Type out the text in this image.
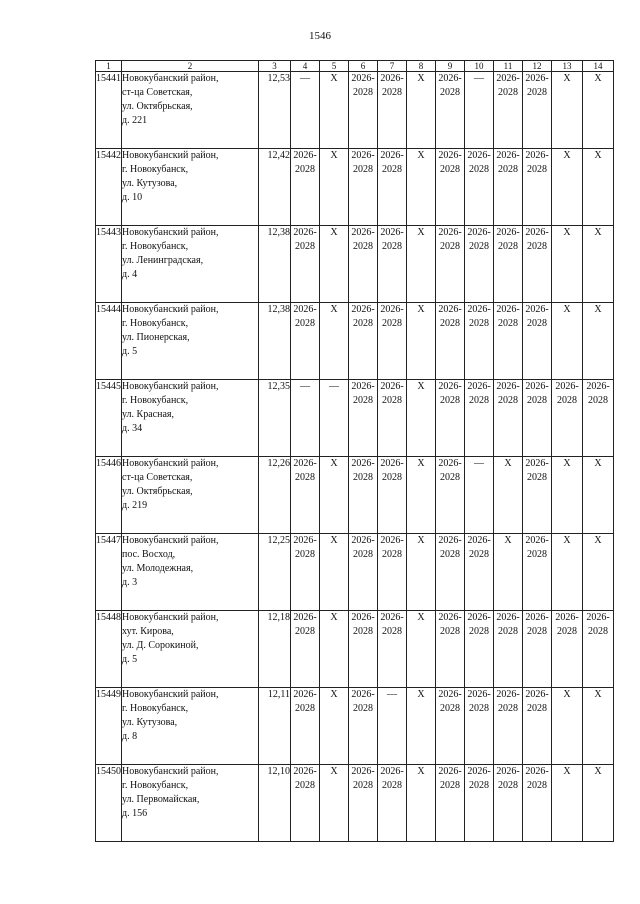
1546
1	2	3	4	5	6	7	8	9	10	11	12	13	14
15441	Новокубанский район,
ст-ца Советская,
ул. Октябрьская,
д. 221	12,53	—	X	2026-
2028	2026-
2028	X	2026-
2028	—	2026-
2028	2026-
2028	X	X

15442	Новокубанский район,
г. Новокубанск,
ул. Кутузова,
д. 10	12,42	2026-
2028	X	2026-
2028	2026-
2028	X	2026-
2028	2026-
2028	2026-
2028	2026-
2028	X	X

15443	Новокубанский район,
г. Новокубанск,
ул. Ленинградская,
д. 4	12,38	2026-
2028	X	2026-
2028	2026-
2028	X	2026-
2028	2026-
2028	2026-
2028	2026-
2028	X	X

15444	Новокубанский район,
г. Новокубанск,
ул. Пионерская,
д. 5	12,38	2026-
2028	X	2026-
2028	2026-
2028	X	2026-
2028	2026-
2028	2026-
2028	2026-
2028	X	X

15445	Новокубанский район,
г. Новокубанск,
ул. Красная,
д. 34	12,35	—	—	2026-
2028	2026-
2028	X	2026-
2028	2026-
2028	2026-
2028	2026-
2028	2026-
2028	2026-
2028

15446	Новокубанский район,
ст-ца Советская,
ул. Октябрьская,
д. 219	12,26	2026-
2028	X	2026-
2028	2026-
2028	X	2026-
2028	—	X	2026-
2028	X	X

15447	Новокубанский район,
пос. Восход,
ул. Молодежная,
д. 3	12,25	2026-
2028	X	2026-
2028	2026-
2028	X	2026-
2028	2026-
2028	X	2026-
2028	X	X

15448	Новокубанский район,
хут. Кирова,
ул. Д. Сорокиной,
д. 5	12,18	2026-
2028	X	2026-
2028	2026-
2028	X	2026-
2028	2026-
2028	2026-
2028	2026-
2028	2026-
2028	2026-
2028

15449	Новокубанский район,
г. Новокубанск,
ул. Кутузова,
д. 8	12,11	2026-
2028	X	2026-
2028	—	X	2026-
2028	2026-
2028	2026-
2028	2026-
2028	X	X

15450	Новокубанский район,
г. Новокубанск,
ул. Первомайская,
д. 156	12,10	2026-
2028	X	2026-
2028	2026-
2028	X	2026-
2028	2026-
2028	2026-
2028	2026-
2028	X	X
